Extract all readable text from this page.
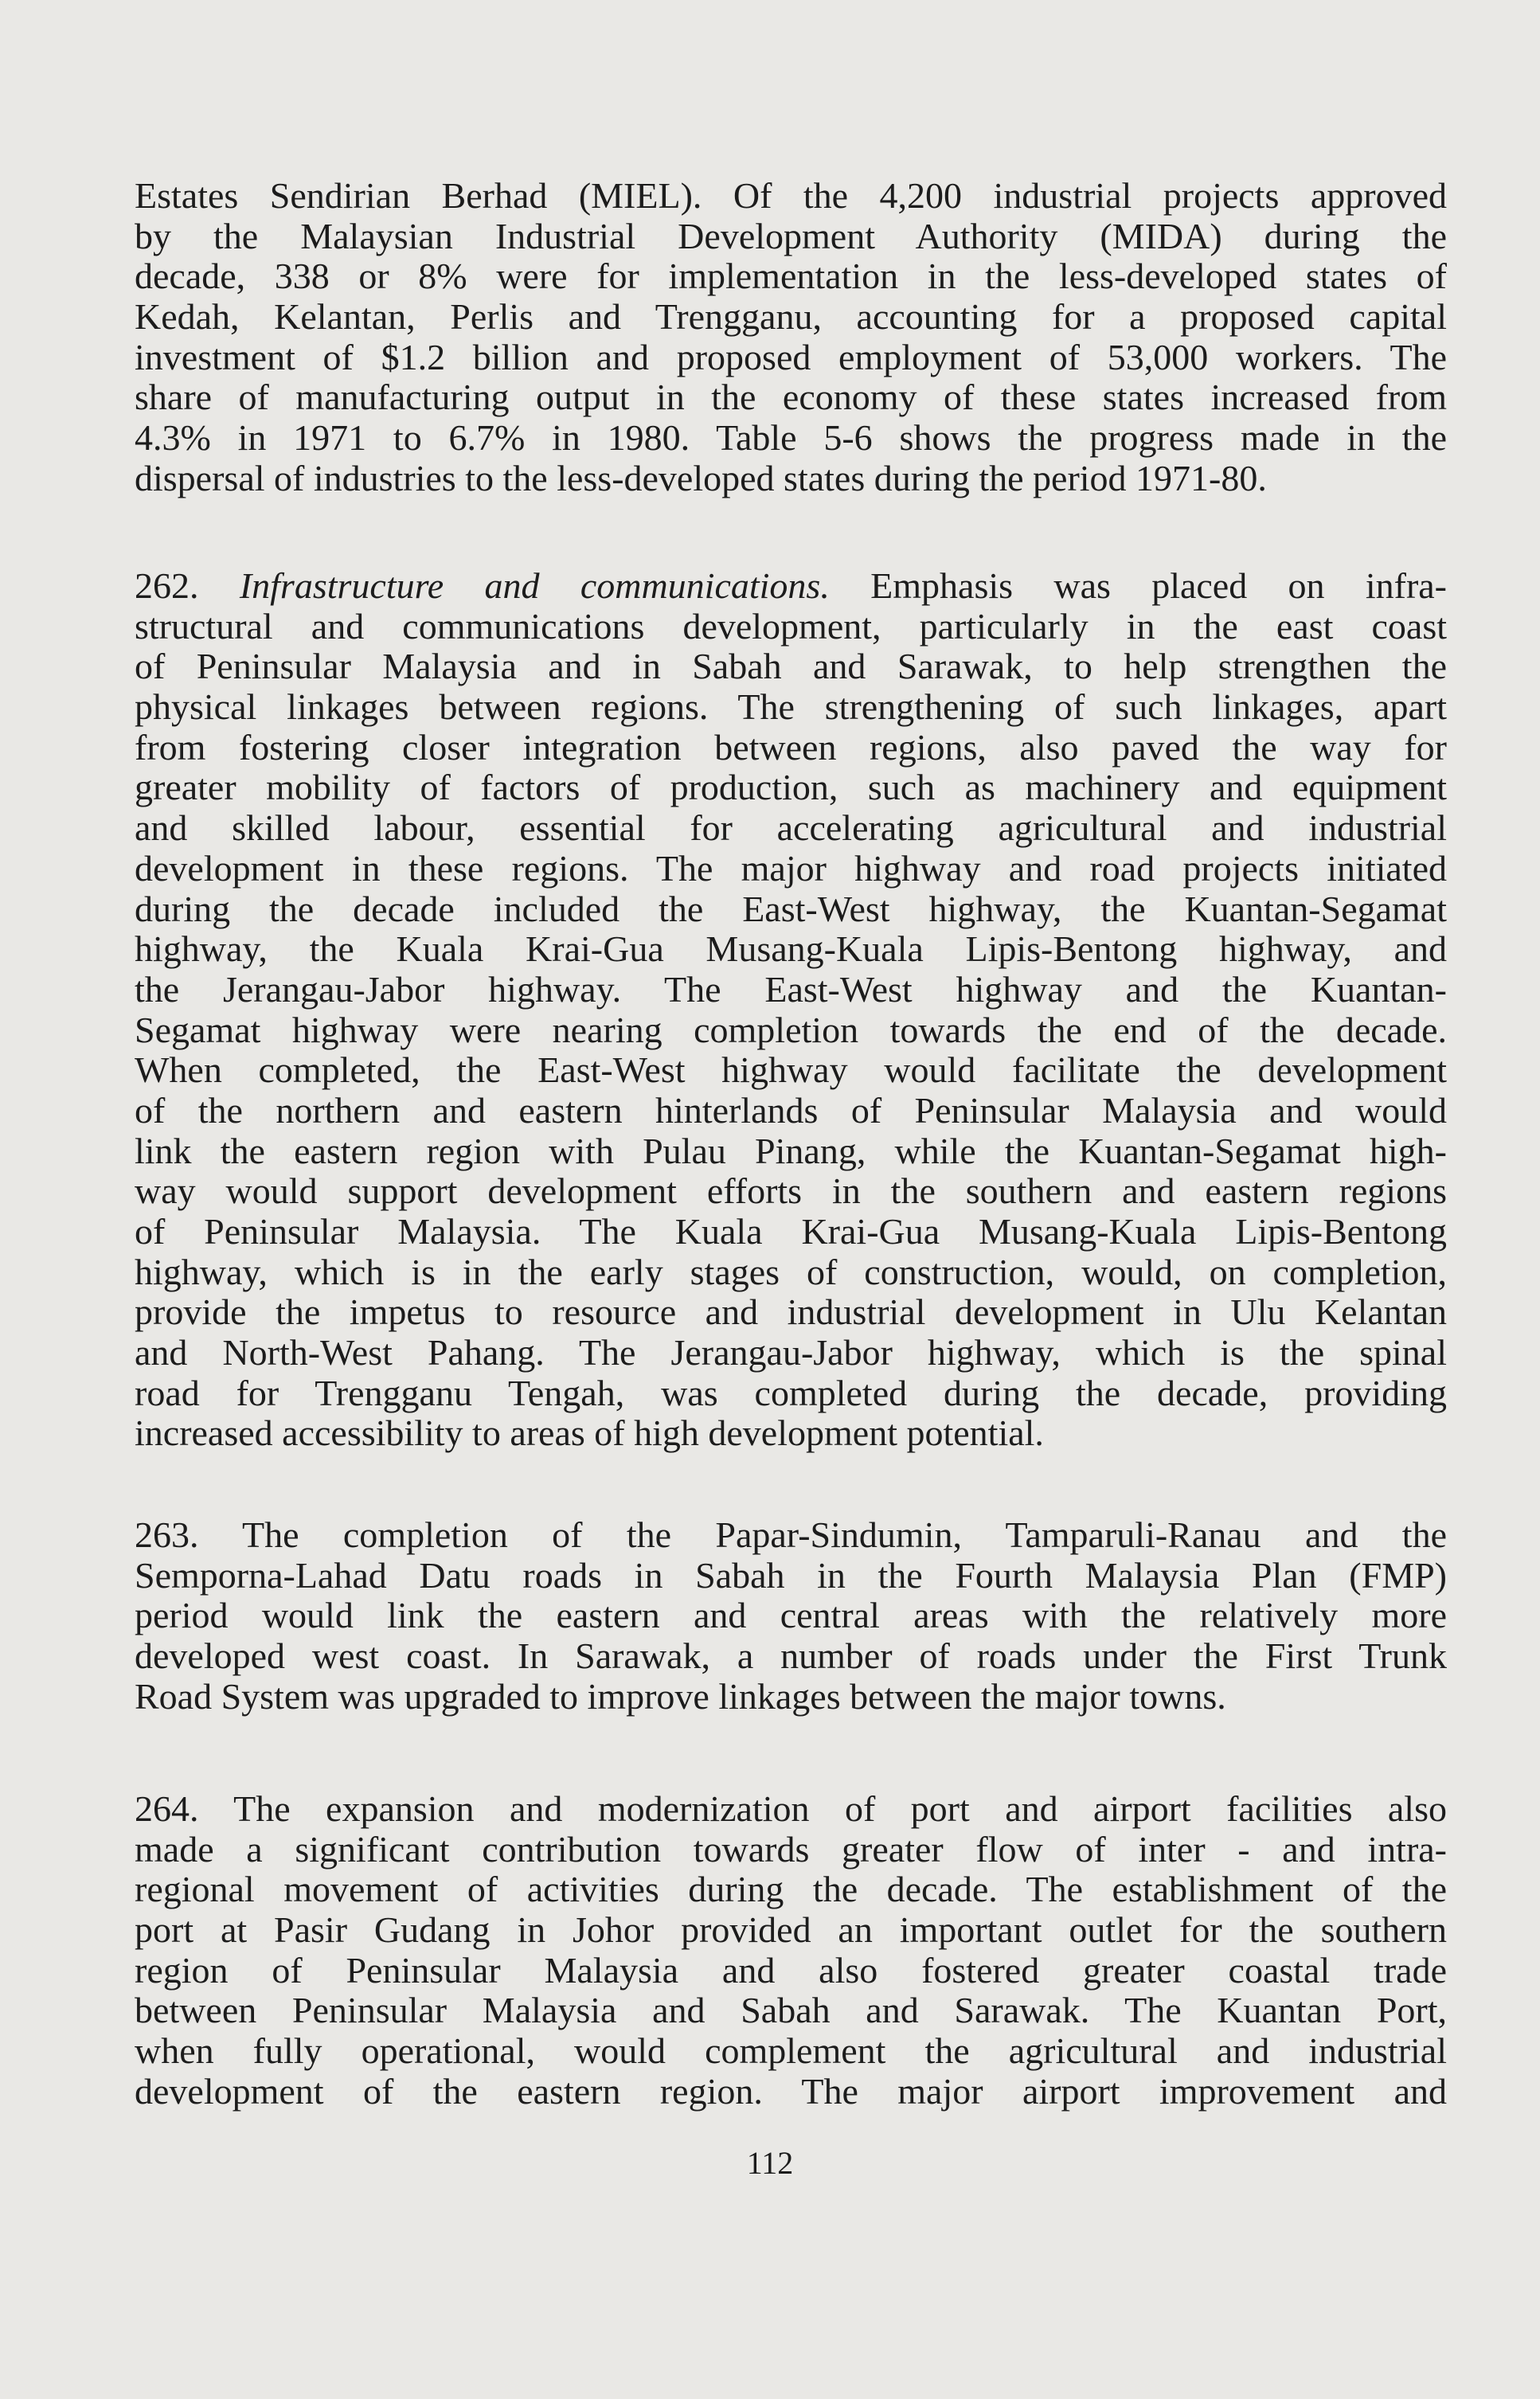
Estates Sendirian Berhad (MIEL). Of the 4,200 industrial projects approved
by the Malaysian Industrial Development Authority (MIDA) during the
decade, 338 or 8% were for implementation in the less-developed states of
Kedah, Kelantan, Perlis and Trengganu, accounting for a proposed capital
investment of $1.2 billion and proposed employment of 53,000 workers. The
share of manufacturing output in the economy of these states increased from
4.3% in 1971 to 6.7% in 1980. Table 5-6 shows the progress made in the
dispersal of industries to the less-developed states during the period 1971-80.
262. Infrastructure and communications. Emphasis was placed on infra-
structural and communications development, particularly in the east coast
of Peninsular Malaysia and in Sabah and Sarawak, to help strengthen the
physical linkages between regions. The strengthening of such linkages, apart
from fostering closer integration between regions, also paved the way for
greater mobility of factors of production, such as machinery and equipment
and skilled labour, essential for accelerating agricultural and industrial
development in these regions. The major highway and road projects initiated
during the decade included the East-West highway, the Kuantan-Segamat
highway, the Kuala Krai-Gua Musang-Kuala Lipis-Bentong highway, and
the Jerangau-Jabor highway. The East-West highway and the Kuantan-
Segamat highway were nearing completion towards the end of the decade.
When completed, the East-West highway would facilitate the development
of the northern and eastern hinterlands of Peninsular Malaysia and would
link the eastern region with Pulau Pinang, while the Kuantan-Segamat high-
way would support development efforts in the southern and eastern regions
of Peninsular Malaysia. The Kuala Krai-Gua Musang-Kuala Lipis-Bentong
highway, which is in the early stages of construction, would, on completion,
provide the impetus to resource and industrial development in Ulu Kelantan
and North-West Pahang. The Jerangau-Jabor highway, which is the spinal
road for Trengganu Tengah, was completed during the decade, providing
increased accessibility to areas of high development potential.
263. The completion of the Papar-Sindumin, Tamparuli-Ranau and the
Semporna-Lahad Datu roads in Sabah in the Fourth Malaysia Plan (FMP)
period would link the eastern and central areas with the relatively more
developed west coast. In Sarawak, a number of roads under the First Trunk
Road System was upgraded to improve linkages between the major towns.
264. The expansion and modernization of port and airport facilities also
made a significant contribution towards greater flow of inter - and intra-
regional movement of activities during the decade. The establishment of the
port at Pasir Gudang in Johor provided an important outlet for the southern
region of Peninsular Malaysia and also fostered greater coastal trade
between Peninsular Malaysia and Sabah and Sarawak. The Kuantan Port,
when fully operational, would complement the agricultural and industrial
development of the eastern region. The major airport improvement and
112
